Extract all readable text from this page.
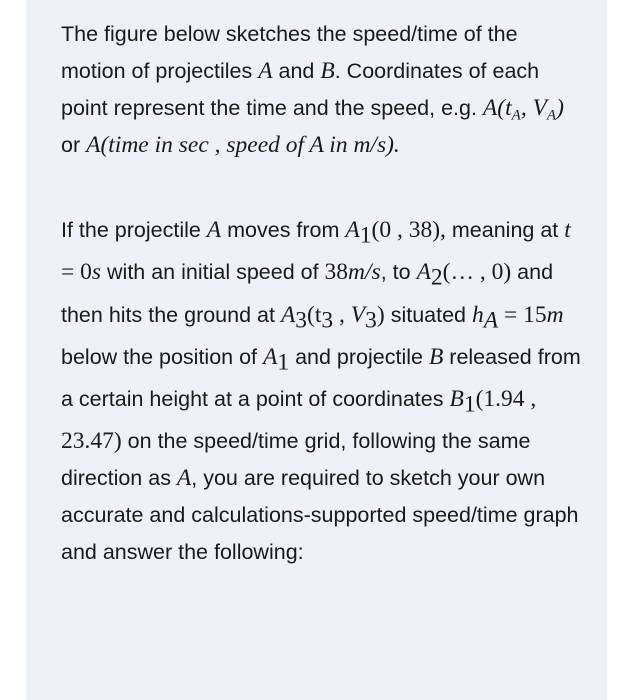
The figure below sketches the speed/time of the motion of projectiles A and B. Coordinates of each point represent the time and the speed, e.g. $A(t_A$, $V_A$) or A(time in sec , speed of A in m/s).

If the projectile A moves from $A_1(0$ , 38), meaning at t = 0s with an initial speed of 38m/s, to $A_2(\dots$ , 0) and then hits the ground at $A_3(t_3$ , $V_3$) situated $h_A = 15m$ below the position of $A_1$ and projectile B released from a certain height at a point of coordinates $B_1(1.94$ , 23.47) on the speed/time grid, following the same direction as A, you are required to sketch your own accurate and calculations-supported speed/time graph and answer the following:
